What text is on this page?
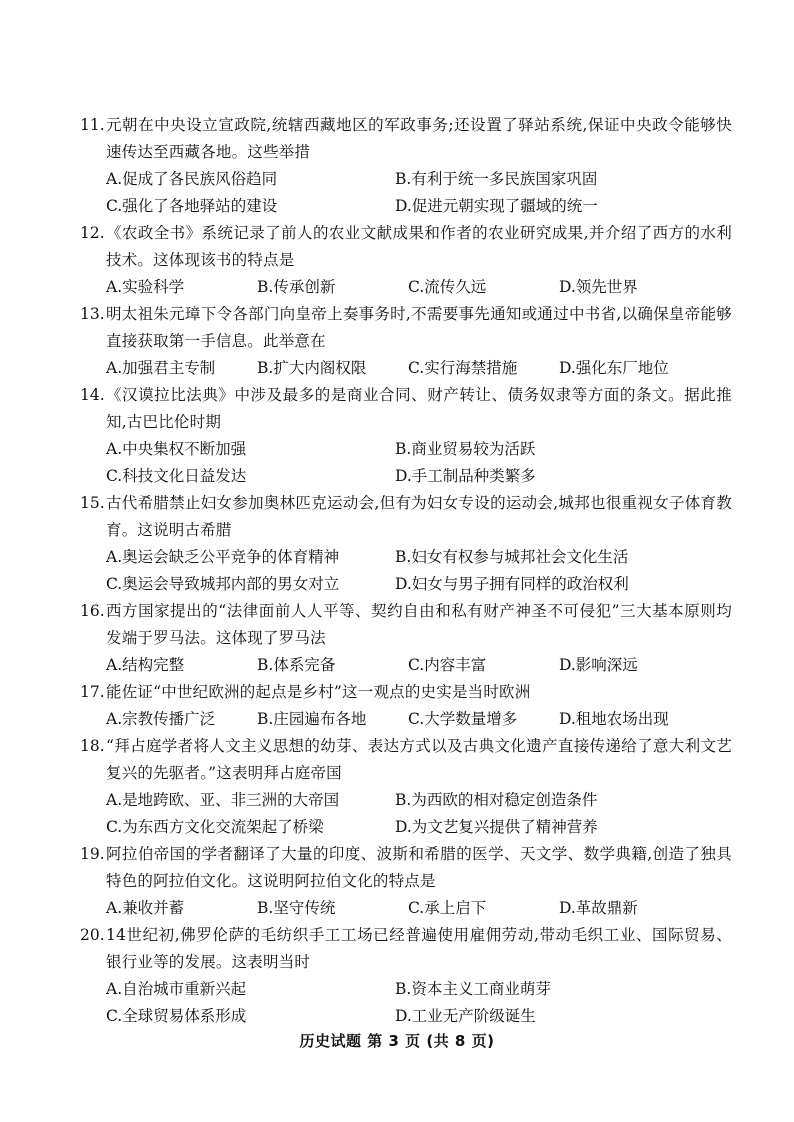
11. 元朝在中央设立宣政院,统辖西藏地区的军政事务;还设置了驿站系统,保证中央政令能够快速传达至西藏各地。这些举措
A.促成了各民族风俗趋同	B.有利于统一多民族国家巩固
C.强化了各地驿站的建设	D.促进元朝实现了疆域的统一
12. 《农政全书》系统记录了前人的农业文献成果和作者的农业研究成果,并介绍了西方的水利技术。这体现该书的特点是
A.实验科学	B.传承创新	C.流传久远	D.领先世界
13. 明太祖朱元璋下令各部门向皇帝上奏事务时,不需要事先通知或通过中书省,以确保皇帝能够直接获取第一手信息。此举意在
A.加强君主专制	B.扩大内阁权限	C.实行海禁措施	D.强化东厂地位
14. 《汉谟拉比法典》中涉及最多的是商业合同、财产转让、债务奴隶等方面的条文。据此推知,古巴比伦时期
A.中央集权不断加强	B.商业贸易较为活跃
C.科技文化日益发达	D.手工制品种类繁多
15. 古代希腊禁止妇女参加奥林匹克运动会,但有为妇女专设的运动会,城邦也很重视女子体育教育。这说明古希腊
A.奥运会缺乏公平竞争的体育精神	B.妇女有权参与城邦社会文化生活
C.奥运会导致城邦内部的男女对立	D.妇女与男子拥有同样的政治权利
16. 西方国家提出的“法律面前人人平等、契约自由和私有财产神圣不可侵犯”三大基本原则均发端于罗马法。这体现了罗马法
A.结构完整	B.体系完备	C.内容丰富	D.影响深远
17. 能佐证“中世纪欧洲的起点是乡村”这一观点的史实是当时欧洲
A.宗教传播广泛	B.庄园遍布各地	C.大学数量增多	D.租地农场出现
18. “拜占庭学者将人文主义思想的幼芽、表达方式以及古典文化遗产直接传递给了意大利文艺复兴的先驱者。”这表明拜占庭帝国
A.是地跨欧、亚、非三洲的大帝国	B.为西欧的相对稳定创造条件
C.为东西方文化交流架起了桥梁	D.为文艺复兴提供了精神营养
19. 阿拉伯帝国的学者翻译了大量的印度、波斯和希腊的医学、天文学、数学典籍,创造了独具特色的阿拉伯文化。这说明阿拉伯文化的特点是
A.兼收并蓄	B.坚守传统	C.承上启下	D.革故鼎新
20. 14世纪初,佛罗伦萨的毛纺织手工工场已经普遍使用雇佣劳动,带动毛织工业、国际贸易、银行业等的发展。这表明当时
A.自治城市重新兴起	B.资本主义工商业萌芽
C.全球贸易体系形成	D.工业无产阶级诞生
历史试题 第 3 页 (共 8 页)
